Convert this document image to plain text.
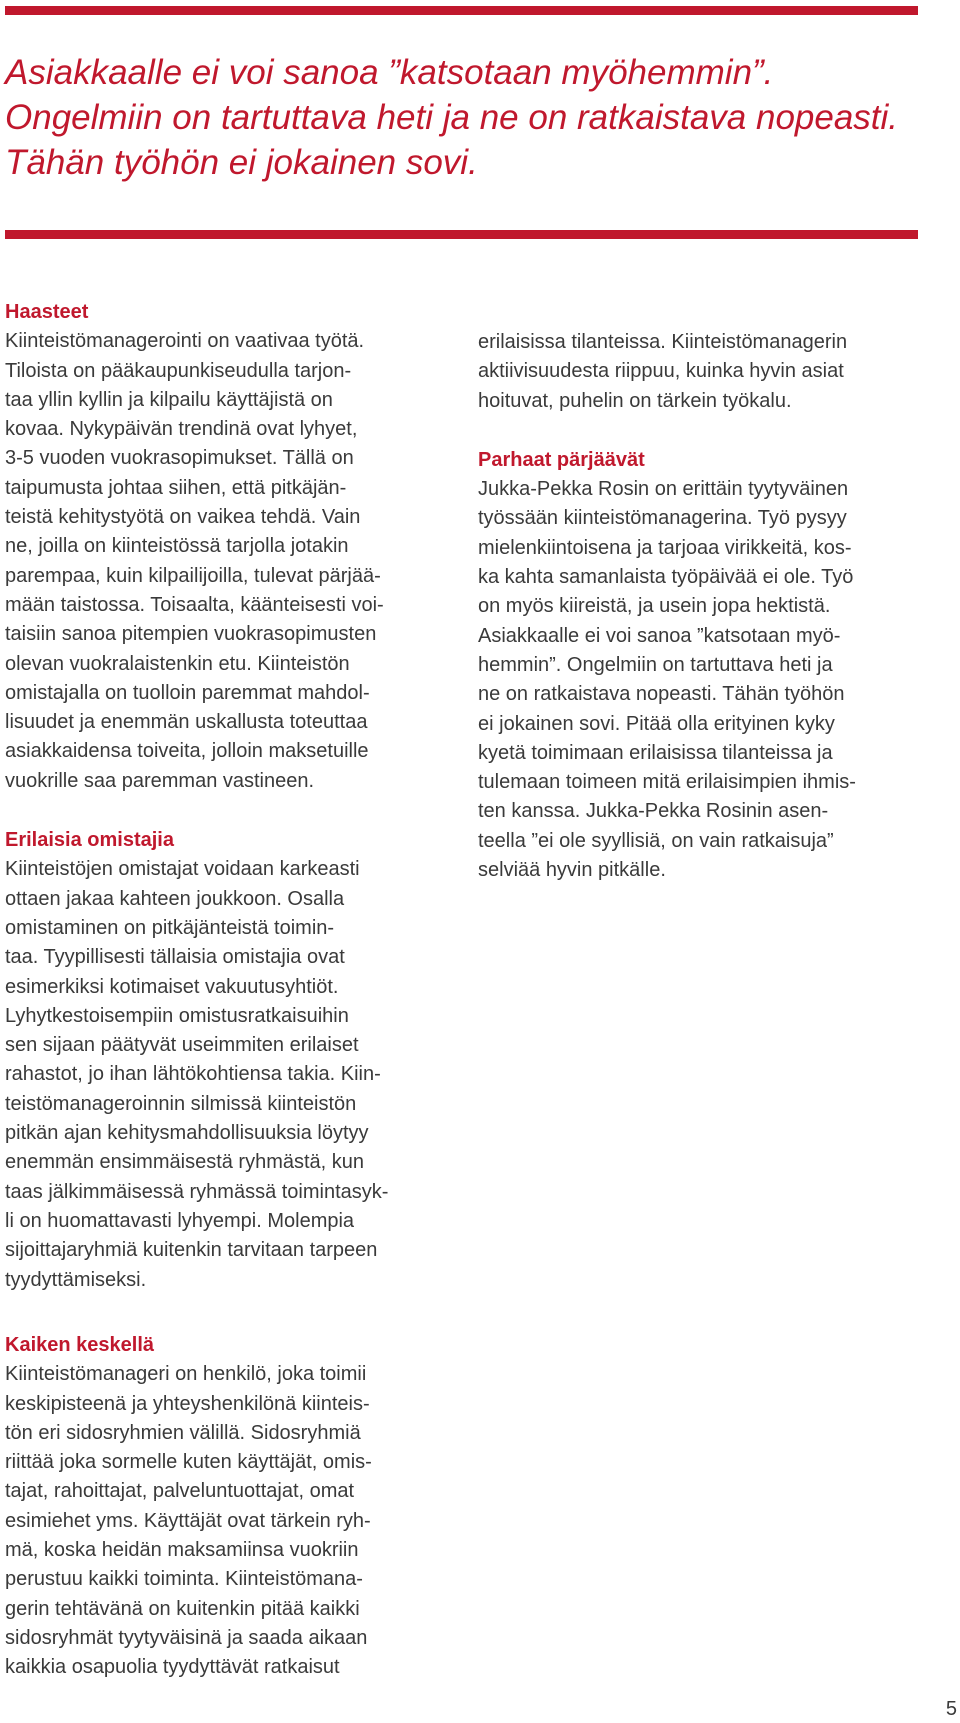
Asiakkaalle ei voi sanoa ”katsotaan myöhemmin”.
Ongelmiin on tartuttava heti ja ne on ratkaistava nopeasti.
Tähän työhön ei jokainen sovi.
Haasteet

Kiinteistömanagerointi on vaativaa työtä.
Tiloista on pääkaupunkiseudulla tarjon-
taa yllin kyllin ja kilpailu käyttäjistä on
kovaa. Nykypäivän trendinä ovat lyhyet,
3-5 vuoden vuokrasopimukset. Tällä on
taipumusta johtaa siihen, että pitkäjän-
teistä kehitystyötä on vaikea tehdä. Vain
ne, joilla on kiinteistössä tarjolla jotakin
parempaa, kuin kilpailijoilla, tulevat pärjää-
mään taistossa. Toisaalta, käänteisesti voi-
taisiin sanoa pitempien vuokrasopimusten
olevan vuokralaistenkin etu. Kiinteistön
omistajalla on tuolloin paremmat mahdol-
lisuudet ja enemmän uskallusta toteuttaa
asiakkaidensa toiveita, jolloin maksetuille
vuokrille saa paremman vastineen.

Erilaisia omistajia

Kiinteistöjen omistajat voidaan karkeasti
ottaen jakaa kahteen joukkoon. Osalla
omistaminen on pitkäjänteistä toimin-
taa. Tyypillisesti tällaisia omistajia ovat
esimerkiksi kotimaiset vakuutusyhtiöt.
Lyhytkestoisempiin omistusratkaisuihin
sen sijaan päätyvät useimmiten erilaiset
rahastot, jo ihan lähtökohtiensa takia. Kiin-
teistömanageroinnin silmissä kiinteistön
pitkän ajan kehitysmahdollisuuksia löytyy
enemmän ensimmäisestä ryhmästä, kun
taas jälkimmäisessä ryhmässä toimintasyk-
li on huomattavasti lyhyempi. Molempia
sijoittajaryhmiä kuitenkin tarvitaan tarpeen
tyydyttämiseksi.

Kaiken keskellä

Kiinteistömanageri on henkilö, joka toimii
keskipisteenä ja yhteyshenkilönä kiinteis-
tön eri sidosryhmien välillä. Sidosryhmiä
riittää joka sormelle kuten käyttäjät, omis-
tajat, rahoittajat, palveluntuottajat, omat
esimiehet yms. Käyttäjät ovat tärkein ryh-
mä, koska heidän maksamiinsa vuokriin
perustuu kaikki toiminta. Kiinteistömana-
gerin tehtävänä on kuitenkin pitää kaikki
sidosryhmät tyytyväisinä ja saada aikaan
kaikkia osapuolia tyydyttävät ratkaisut

erilaisissa tilanteissa. Kiinteistömanagerin
aktiivisuudesta riippuu, kuinka hyvin asiat
hoituvat, puhelin on tärkein työkalu.

Parhaat pärjäävät

Jukka-Pekka Rosin on erittäin tyytyväinen
työssään kiinteistömanagerina. Työ pysyy
mielenkiintoisena ja tarjoaa virikkeitä, kos-
ka kahta samanlaista työpäivää ei ole. Työ
on myös kiireistä, ja usein jopa hektistä.
Asiakkaalle ei voi sanoa ”katsotaan myö-
hemmin”. Ongelmiin on tartuttava heti ja
ne on ratkaistava nopeasti. Tähän työhön
ei jokainen sovi. Pitää olla erityinen kyky
kyetä toimimaan erilaisissa tilanteissa ja
tulemaan toimeen mitä erilaisimpien ihmis-
ten kanssa. Jukka-Pekka Rosinin asen-
teella ”ei ole syyllisiä, on vain ratkaisuja”
selviää hyvin pitkälle.

5
